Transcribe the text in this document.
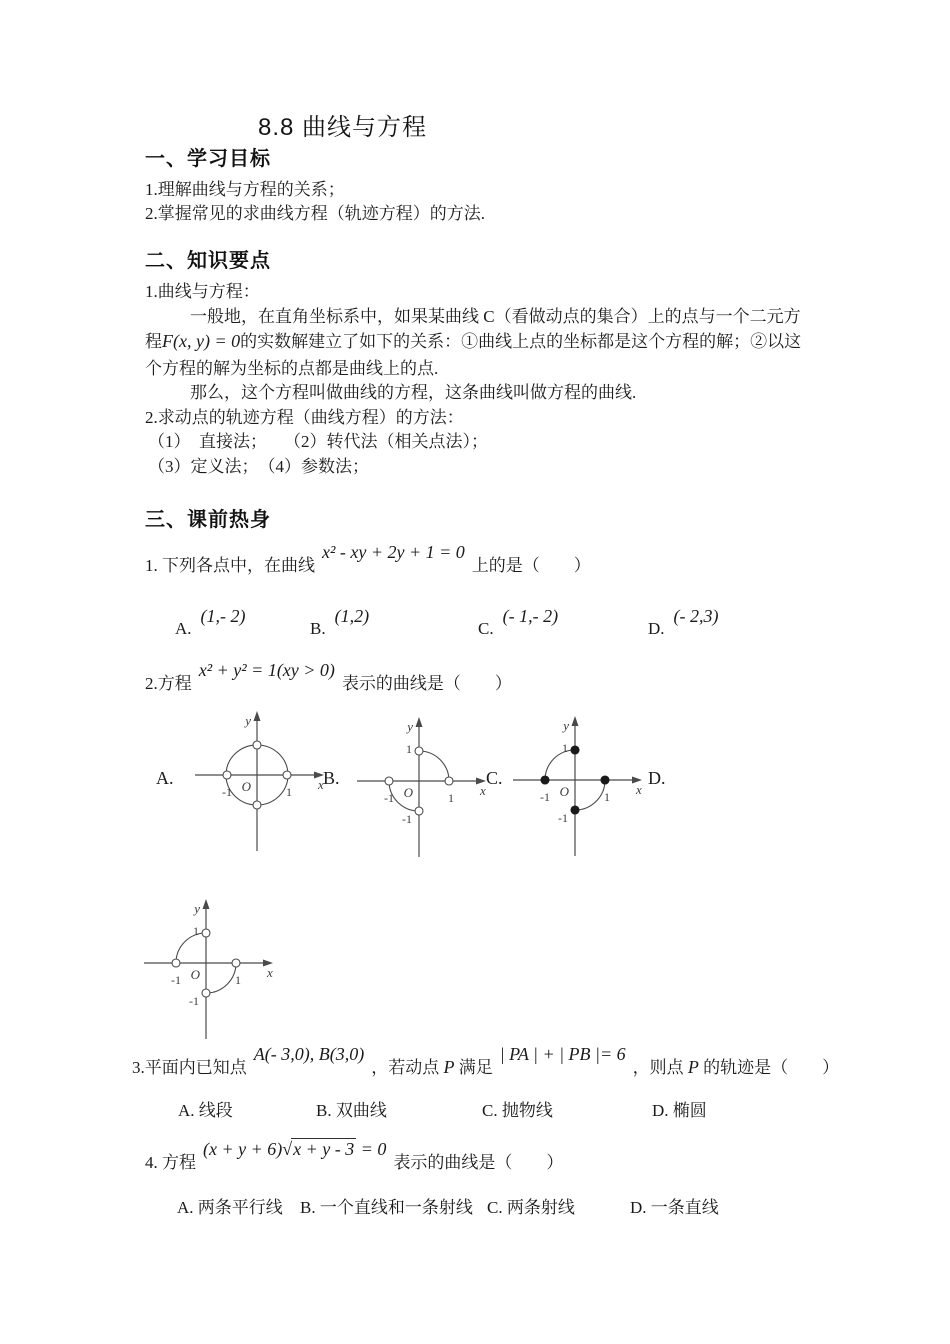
8.8 曲线与方程
一、学习目标
1.理解曲线与方程的关系；
2.掌握常见的求曲线方程（轨迹方程）的方法.
二、知识要点
1.曲线与方程：
一般地，在直角坐标系中，如果某曲线 C（看做动点的集合）上的点与一个二元方
程F(x, y) = 0的实数解建立了如下的关系：①曲线上点的坐标都是这个方程的解；②以这
个方程的解为坐标的点都是曲线上的点.
那么，这个方程叫做曲线的方程，这条曲线叫做方程的曲线.
2.求动点的轨迹方程（曲线方程）的方法：
（1）　直接法；　　（2）转代法（相关点法）；
（3）定义法；　（4）参数法；
三、课前热身
1. 下列各点中，在曲线x² - xy + 2y + 1 = 0上的是（　　）
A.(1,- 2)
B.(1,2)
C.(- 1,- 2)
D.(- 2,3)
2.方程x² + y² = 1(xy > 0)表示的曲线是（　　）
A.
y
x
O
-1	1
B.
y
x
O
-1	1
1
-1
C.
y
x
O
-1	1
1
-1
D.
y
x
O
-1	1
1
-1
3.平面内已知点A(- 3,0), B(3,0)，若动点 P 满足| PA | + | PB |= 6，则点 P 的轨迹是（　　）
A. 线段	B. 双曲线	C. 抛物线	D. 椭圆
4. 方程(x + y + 6)√x + y - 3 = 0表示的曲线是（　　）
A. 两条平行线 B. 一个直线和一条射线 C. 两条射线	D. 一条直线
